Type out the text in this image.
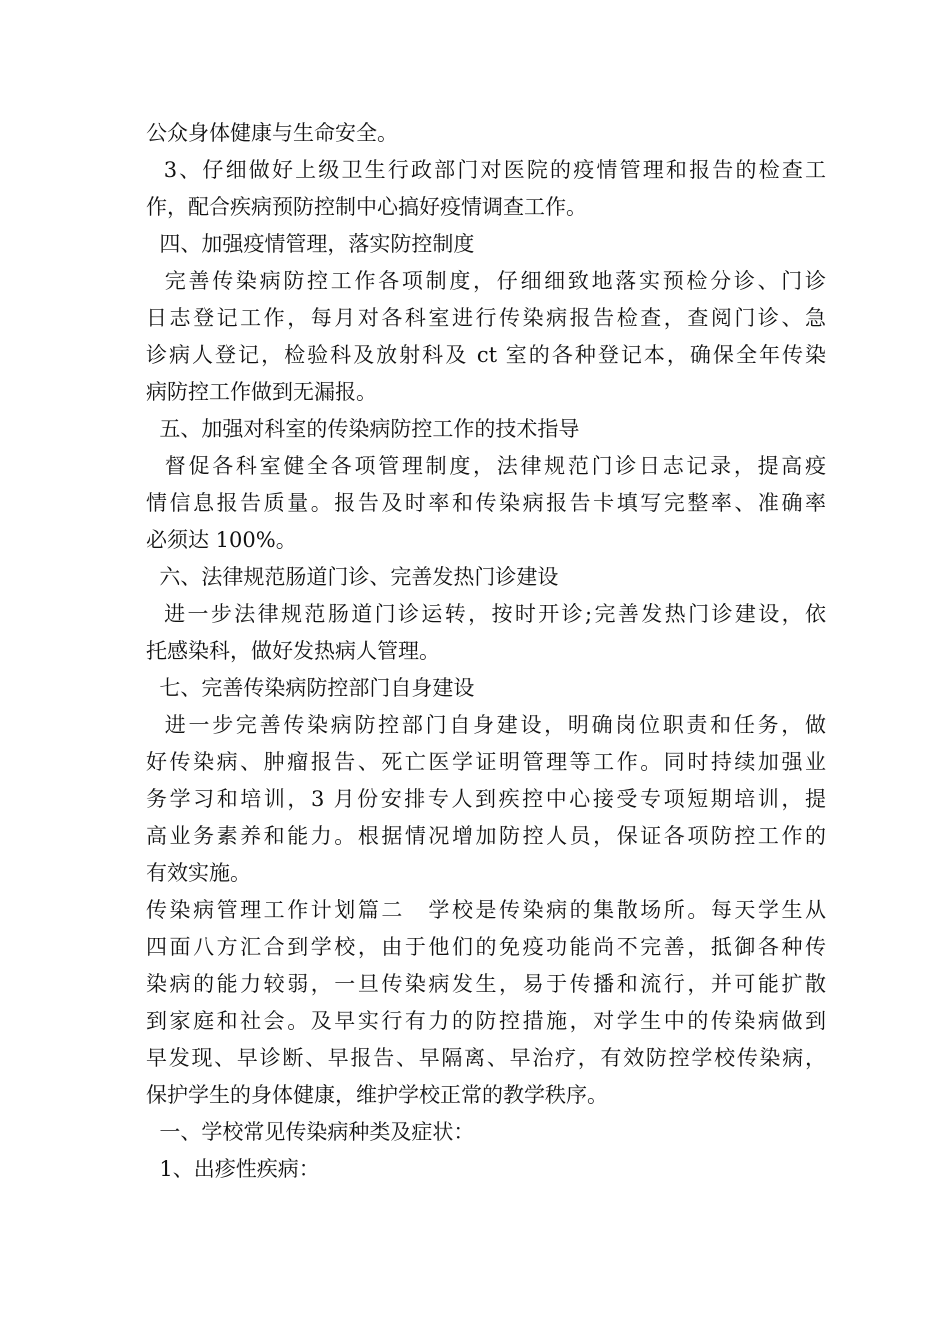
公众身体健康与生命安全。
3、仔细做好上级卫生行政部门对医院的疫情管理和报告的检查工
作，配合疾病预防控制中心搞好疫情调查工作。
四、加强疫情管理，落实防控制度
完善传染病防控工作各项制度，仔细细致地落实预检分诊、门诊
日志登记工作，每月对各科室进行传染病报告检查，查阅门诊、急
诊病人登记，检验科及放射科及 ct 室的各种登记本，确保全年传染
病防控工作做到无漏报。
五、加强对科室的传染病防控工作的技术指导
督促各科室健全各项管理制度，法律规范门诊日志记录，提高疫
情信息报告质量。报告及时率和传染病报告卡填写完整率、准确率
必须达 100%。
六、法律规范肠道门诊、完善发热门诊建设
进一步法律规范肠道门诊运转，按时开诊;完善发热门诊建设，依
托感染科，做好发热病人管理。
七、完善传染病防控部门自身建设
进一步完善传染病防控部门自身建设，明确岗位职责和任务，做
好传染病、肿瘤报告、死亡医学证明管理等工作。同时持续加强业
务学习和培训，3 月份安排专人到疾控中心接受专项短期培训，提
高业务素养和能力。根据情况增加防控人员，保证各项防控工作的
有效实施。
传染病管理工作计划篇二　学校是传染病的集散场所。每天学生从
四面八方汇合到学校，由于他们的免疫功能尚不完善，抵御各种传
染病的能力较弱，一旦传染病发生，易于传播和流行，并可能扩散
到家庭和社会。及早实行有力的防控措施，对学生中的传染病做到
早发现、早诊断、早报告、早隔离、早治疗，有效防控学校传染病，
保护学生的身体健康，维护学校正常的教学秩序。
一、学校常见传染病种类及症状：
1、出疹性疾病：
